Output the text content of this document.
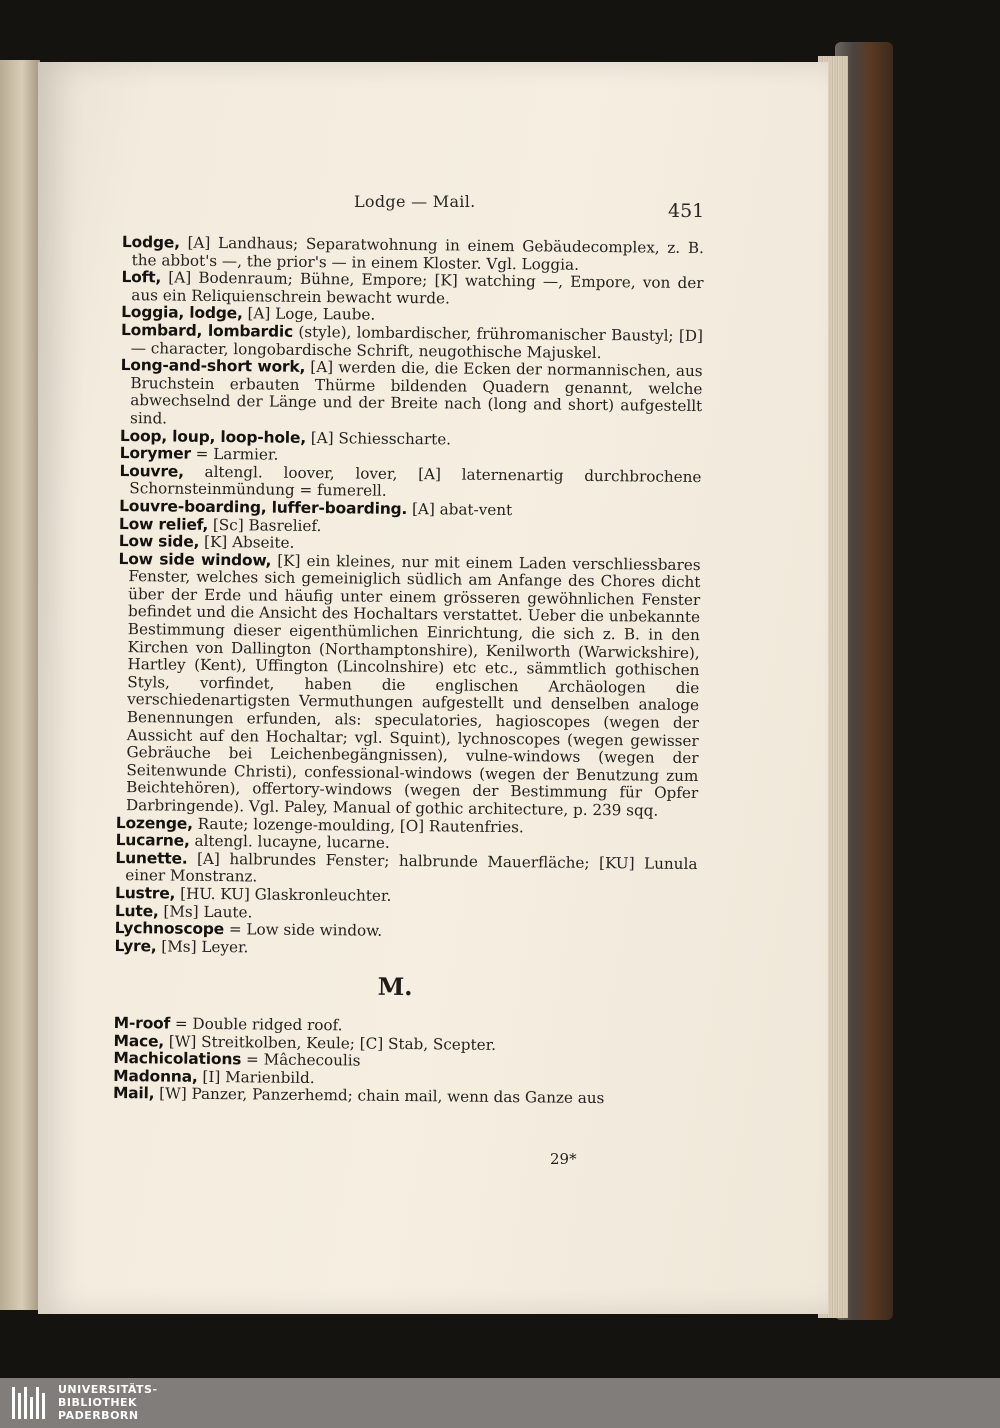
Lodge — Mail.	451

Lodge, [A] Landhaus; Separatwohnung in einem Gebäudecomplex, z. B. the abbot's —, the prior's — in einem Kloster. Vgl. Loggia.

Loft, [A] Bodenraum; Bühne, Empore; [K] watching —, Empore, von der aus ein Reliquienschrein bewacht wurde.

Loggia, lodge, [A] Loge, Laube.

Lombard, lombardic (style), lombardischer, frühromanischer Baustyl; [D] — character, longobardische Schrift, neugothische Majuskel.

Long-and-short work, [A] werden die, die Ecken der normannischen, aus Bruchstein erbauten Thürme bildenden Quadern genannt, welche abwechselnd der Länge und der Breite nach (long and short) aufgestellt sind.

Loop, loup, loop-hole, [A] Schiesscharte.

Lorymer = Larmier.

Louvre, altengl. loover, lover, [A] laternenartig durchbrochene Schornsteinmündung = fumerell.

Louvre-boarding, luffer-boarding. [A] abat-vent

Low relief, [Sc] Basrelief.

Low side, [K] Abseite.

Low side window, [K] ein kleines, nur mit einem Laden verschliessbares Fenster, welches sich gemeiniglich südlich am Anfange des Chores dicht über der Erde und häufig unter einem grösseren gewöhnlichen Fenster befindet und die Ansicht des Hochaltars verstattet. Ueber die unbekannte Bestimmung dieser eigenthümlichen Einrichtung, die sich z. B. in den Kirchen von Dallington (Northamptonshire), Kenilworth (Warwickshire), Hartley (Kent), Uffington (Lincolnshire) etc etc., sämmtlich gothischen Styls, vorfindet, haben die englischen Archäologen die verschiedenartigsten Vermuthungen aufgestellt und denselben analoge Benennungen erfunden, als: speculatories, hagioscopes (wegen der Aussicht auf den Hochaltar; vgl. Squint), lychnoscopes (wegen gewisser Gebräuche bei Leichenbegängnissen), vulne-windows (wegen der Seitenwunde Christi), confessional-windows (wegen der Benutzung zum Beichtehören), offertory-windows (wegen der Bestimmung für Opfer Darbringende). Vgl. Paley, Manual of gothic architecture, p. 239 sqq.

Lozenge, Raute; lozenge-moulding, [O] Rautenfries.

Lucarne, altengl. lucayne, lucarne.

Lunette. [A] halbrundes Fenster; halbrunde Mauerfläche; [KU] Lunula einer Monstranz.

Lustre, [HU. KU] Glaskronleuchter.

Lute, [Ms] Laute.

Lychnoscope = Low side window.

Lyre, [Ms] Leyer.

M.

M-roof = Double ridged roof.

Mace, [W] Streitkolben, Keule; [C] Stab, Scepter.

Machicolations = Mâchecoulis

Madonna, [I] Marienbild.

Mail, [W] Panzer, Panzerhemd; chain mail, wenn das Ganze aus

29*
UNIVERSITÄTS-
BIBLIOTHEK
PADERBORN
